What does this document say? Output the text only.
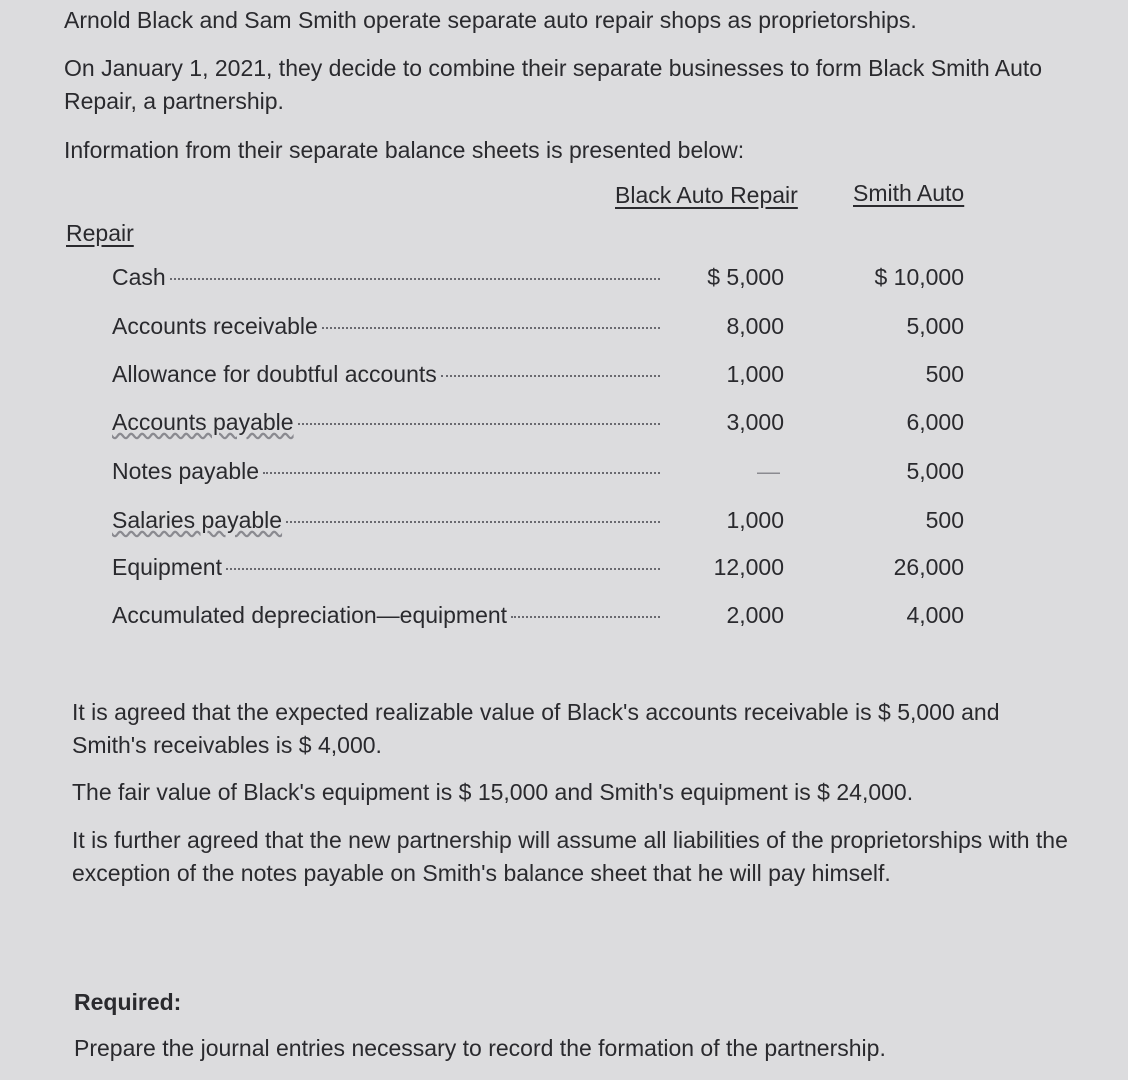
Arnold Black and Sam Smith operate separate auto repair shops as proprietorships.

On January 1, 2021, they decide to combine their separate businesses to form Black Smith Auto Repair, a partnership.

Information from their separate balance sheets is presented below:

Black Auto Repair Smith Auto
Repair
Cash	$ 5,000	$ 10,000
Accounts receivable	8,000	5,000
Allowance for doubtful accounts	1,000	500
Accounts payable	3,000	6,000
Notes payable	—	5,000
Salaries payable	1,000	500
Equipment	12,000	26,000
Accumulated depreciation—equipment	2,000	4,000

It is agreed that the expected realizable value of Black's accounts receivable is $ 5,000 and Smith's receivables is $ 4,000.

The fair value of Black's equipment is $ 15,000 and Smith's equipment is $ 24,000.

It is further agreed that the new partnership will assume all liabilities of the proprietorships with the exception of the notes payable on Smith's balance sheet that he will pay himself.

Required:

Prepare the journal entries necessary to record the formation of the partnership.
